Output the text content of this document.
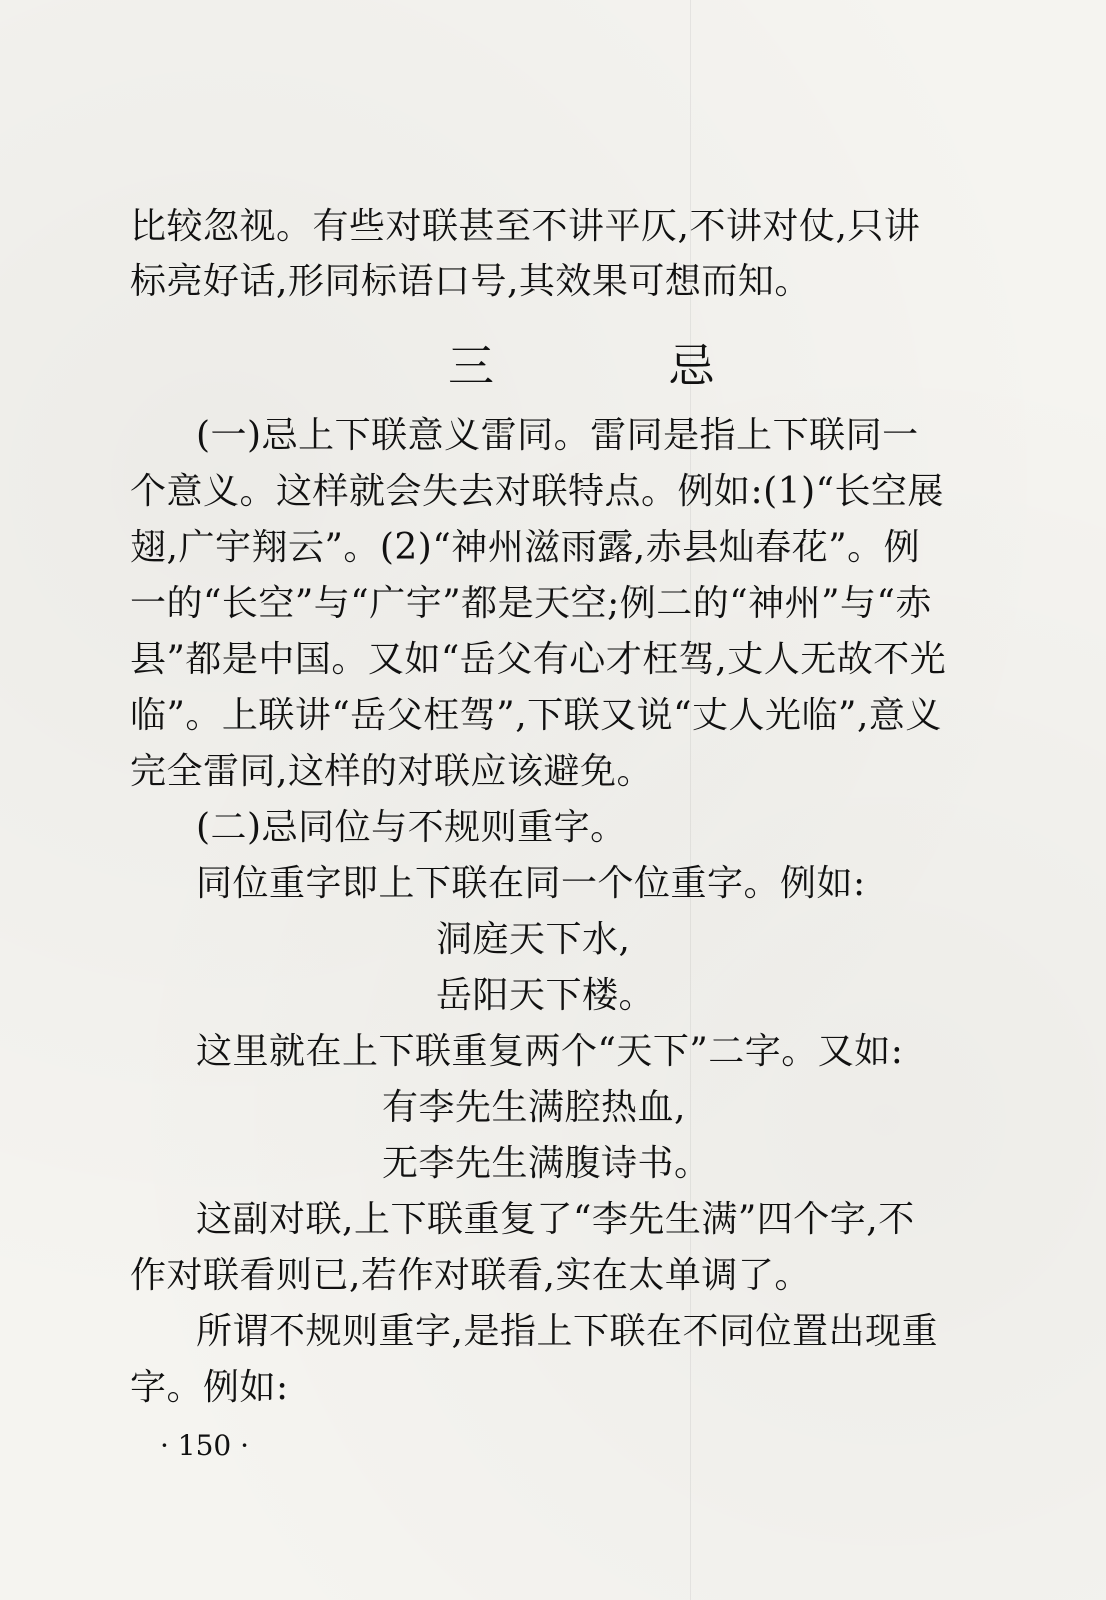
比较忽视。有些对联甚至不讲平仄,不讲对仗,只讲
标亮好话,形同标语口号,其效果可想而知。
三 忌
(一)忌上下联意义雷同。雷同是指上下联同一
个意义。这样就会失去对联特点。例如:(1)“长空展
翅,广宇翔云”。(2)“神州滋雨露,赤县灿春花”。例
一的“长空”与“广宇”都是天空;例二的“神州”与“赤
县”都是中国。又如“岳父有心才枉驾,丈人无故不光
临”。上联讲“岳父枉驾”,下联又说“丈人光临”,意义
完全雷同,这样的对联应该避免。
(二)忌同位与不规则重字。
同位重字即上下联在同一个位重字。例如:
洞庭天下水,
岳阳天下楼。
这里就在上下联重复两个“天下”二字。又如:
有李先生满腔热血,
无李先生满腹诗书。
这副对联,上下联重复了“李先生满”四个字,不
作对联看则已,若作对联看,实在太单调了。
所谓不规则重字,是指上下联在不同位置出现重
字。例如:
· 150 ·
